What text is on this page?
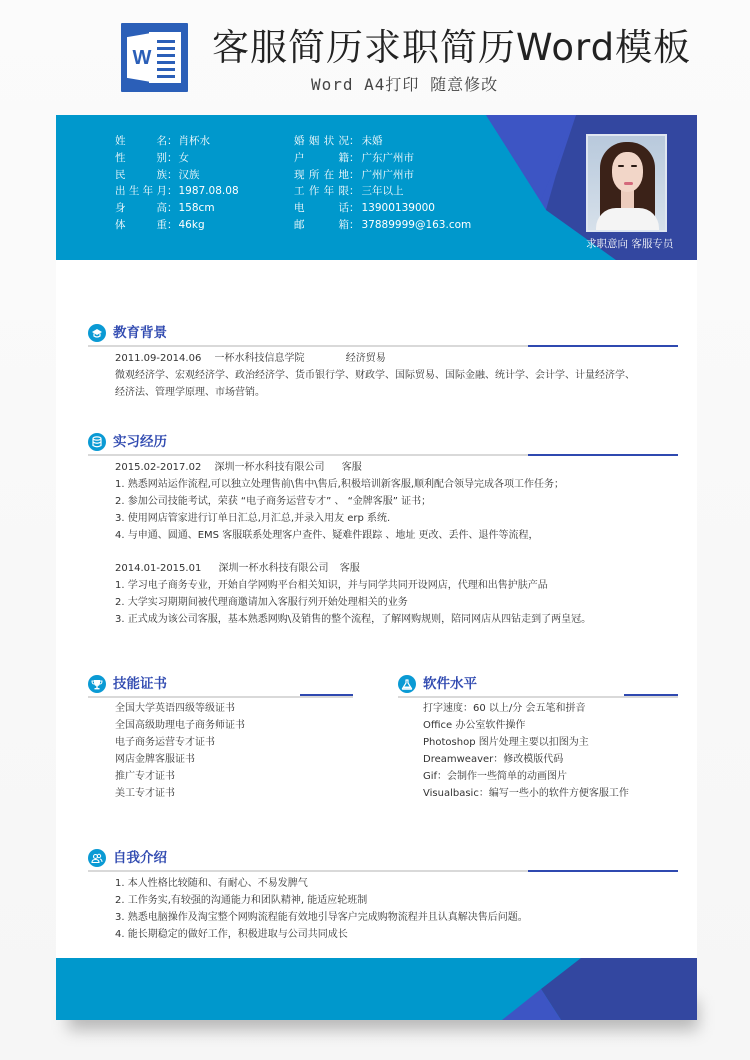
W 客服简历求职简历Word模板
Word A4打印 随意修改
姓名 ： 肖杯水
性别 ： 女
民族 ： 汉族
出生年月 ： 1987.08.08
身高 ： 158cm
体重 ： 46kg
婚姻状况 ： 未婚
户籍 ： 广东广州市
现所在地 ： 广州广州市
工作年限 ： 三年以上
电话 ： 13900139000
邮箱 ： 37889999@163.com
求职意向 客服专员
教育背景
2011.09-2014.06 一杯水科技信息学院	经济贸易
微观经济学、宏观经济学、政治经济学、货币银行学、财政学、国际贸易、国际金融、统计学、会计学、计量经济学、
经济法、管理学原理、市场营销。
实习经历
2015.02-2017.02 深圳一杯水科技有限公司 客服
1. 熟悉网站运作流程,可以独立处理售前\售中\售后,积极培训新客服,顺利配合领导完成各项工作任务；
2. 参加公司技能考试，荣获 “电子商务运营专才” 、 “金牌客服” 证书；
3. 使用网店管家进行订单日汇总,月汇总,并录入用友 erp 系统.
4. 与申通、圆通、EMS 客服联系处理客户查件、疑难件跟踪 、地址 更改、丢件、退件等流程，
2014.01-2015.01 深圳一杯水科技有限公司 客服
1. 学习电子商务专业，开始自学网购平台相关知识，并与同学共同开设网店，代理和出售护肤产品
2. 大学实习期期间被代理商邀请加入客服行列开始处理相关的业务
3. 正式成为该公司客服，基本熟悉网购\及销售的整个流程，了解网购规则，陪同网店从四钻走到了两皇冠。
技能证书
全国大学英语四级等级证书
全国高级助理电子商务师证书
电子商务运营专才证书
网店金牌客服证书
推广专才证书
美工专才证书
软件水平
打字速度：60 以上/分 会五笔和拼音
Office 办公室软件操作
Photoshop 图片处理主要以扣图为主
Dreamweaver：修改模版代码
Gif：会制作一些简单的动画图片
Visualbasic：编写一些小的软件方便客服工作
自我介绍
1. 本人性格比较随和、有耐心、不易发脾气
2. 工作务实,有较强的沟通能力和团队精神, 能适应轮班制
3. 熟悉电脑操作及淘宝整个网购流程能有效地引导客户完成购物流程并且认真解决售后问题。
4. 能长期稳定的做好工作，积极进取与公司共同成长
